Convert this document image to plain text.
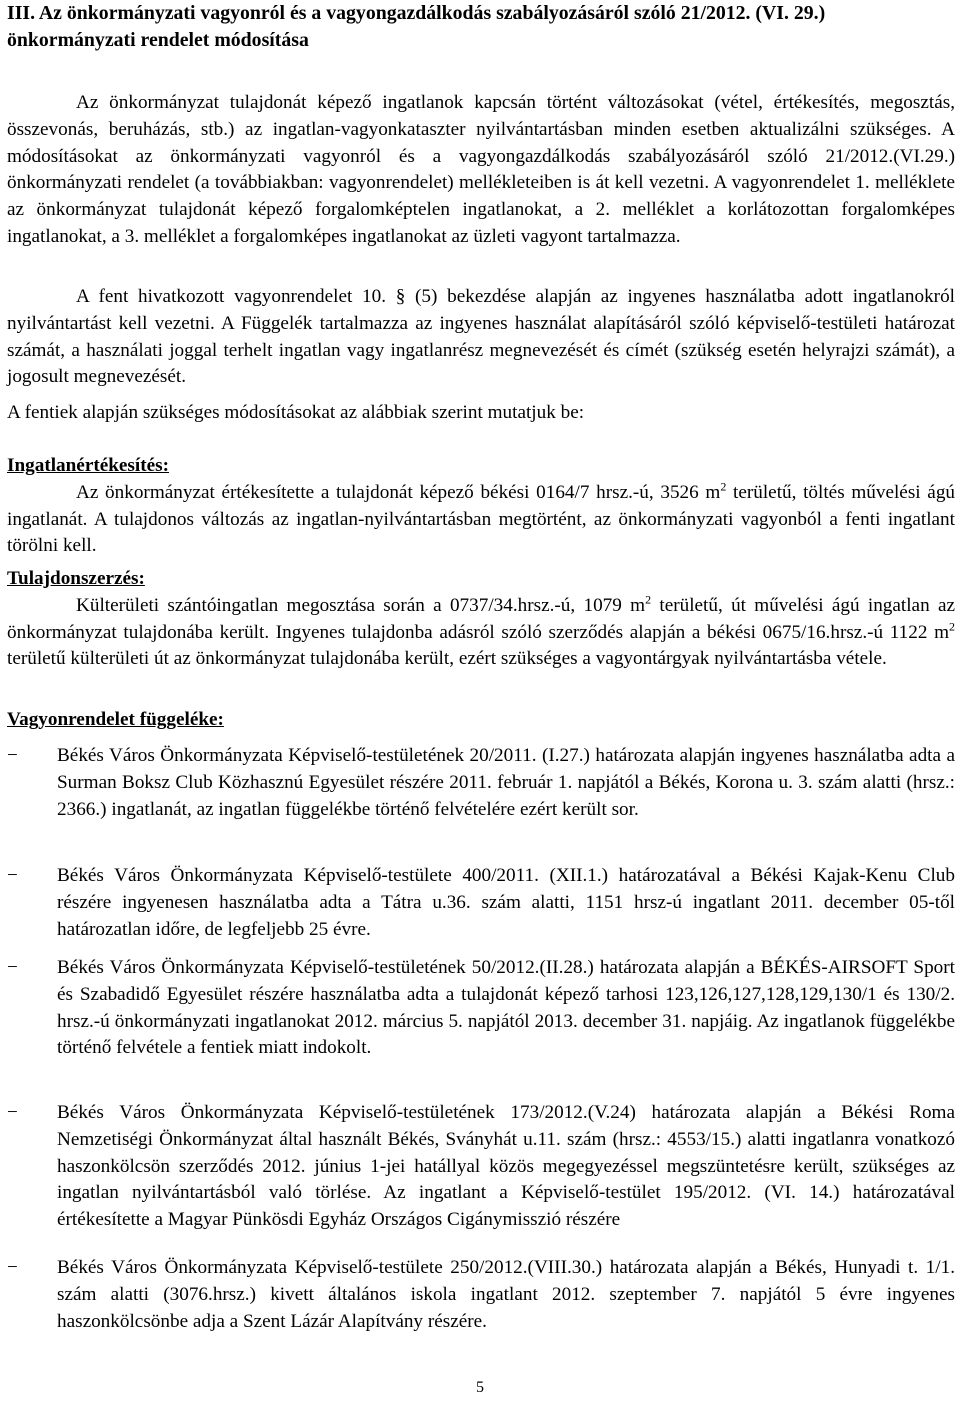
III. Az önkormányzati vagyonról és a vagyongazdálkodás szabályozásáról szóló 21/2012. (VI. 29.)
önkormányzati rendelet módosítása

Az önkormányzat tulajdonát képező ingatlanok kapcsán történt változásokat (vétel, értékesítés, megosztás, összevonás, beruházás, stb.) az ingatlan-vagyonkataszter nyilvántartásban minden esetben aktualizálni szükséges. A módosításokat az önkormányzati vagyonról és a vagyongazdálkodás szabályozásáról szóló 21/2012.(VI.29.) önkormányzati rendelet (a továbbiakban: vagyonrendelet) mellékleteiben is át kell vezetni. A vagyonrendelet 1. melléklete az önkormányzat tulajdonát képező forgalomképtelen ingatlanokat, a 2. melléklet a korlátozottan forgalomképes ingatlanokat, a 3. melléklet a forgalomképes ingatlanokat az üzleti vagyont tartalmazza.

A fent hivatkozott vagyonrendelet 10. § (5) bekezdése alapján az ingyenes használatba adott ingatlanokról nyilvántartást kell vezetni. A Függelék tartalmazza az ingyenes használat alapításáról szóló képviselő-testületi határozat számát, a használati joggal terhelt ingatlan vagy ingatlanrész megnevezését és címét (szükség esetén helyrajzi számát), a jogosult megnevezését.

A fentiek alapján szükséges módosításokat az alábbiak szerint mutatjuk be:

Ingatlanértékesítés:

Az önkormányzat értékesítette a tulajdonát képező békési 0164/7 hrsz.-ú, 3526 $m^2$ területű, töltés művelési ágú ingatlanát. A tulajdonos változás az ingatlan-nyilvántartásban megtörtént, az önkormányzati vagyonból a fenti ingatlant törölni kell.

Tulajdonszerzés:

Külterületi szántóingatlan megosztása során a 0737/34.hrsz.-ú, 1079 $m^2$ területű, út művelési ágú ingatlan az önkormányzat tulajdonába került. Ingyenes tulajdonba adásról szóló szerződés alapján a békési 0675/16.hrsz.-ú 1122 $m^2$ területű külterületi út az önkormányzat tulajdonába került, ezért szükséges a vagyontárgyak nyilvántartásba vétele.

Vagyonrendelet függeléke:
− Békés Város Önkormányzata Képviselő-testületének 20/2011. (I.27.) határozata alapján ingyenes használatba adta a Surman Boksz Club Közhasznú Egyesület részére 2011. február 1. napjától a Békés, Korona u. 3. szám alatti (hrsz.: 2366.) ingatlanát, az ingatlan függelékbe történő felvételére ezért került sor.
− Békés Város Önkormányzata Képviselő-testülete 400/2011. (XII.1.) határozatával a Békési Kajak-Kenu Club részére ingyenesen használatba adta a Tátra u.36. szám alatti, 1151 hrsz-ú ingatlant 2011. december 05-től határozatlan időre, de legfeljebb 25 évre.
− Békés Város Önkormányzata Képviselő-testületének 50/2012.(II.28.) határozata alapján a BÉKÉS-AIRSOFT Sport és Szabadidő Egyesület részére használatba adta a tulajdonát képező tarhosi 123,126,127,128,129,130/1 és 130/2. hrsz.-ú önkormányzati ingatlanokat 2012. március 5. napjától 2013. december 31. napjáig. Az ingatlanok függelékbe történő felvétele a fentiek miatt indokolt.
− Békés Város Önkormányzata Képviselő-testületének 173/2012.(V.24) határozata alapján a Békési Roma Nemzetiségi Önkormányzat által használt Békés, Sványhát u.11. szám (hrsz.: 4553/15.) alatti ingatlanra vonatkozó haszonkölcsön szerződés 2012. június 1-jei hatállyal közös megegyezéssel megszüntetésre került, szükséges az ingatlan nyilvántartásból való törlése. Az ingatlant a Képviselő-testület 195/2012. (VI. 14.) határozatával értékesítette a Magyar Pünkösdi Egyház Országos Cigánymisszió részére
− Békés Város Önkormányzata Képviselő-testülete 250/2012.(VIII.30.) határozata alapján a Békés, Hunyadi t. 1/1. szám alatti (3076.hrsz.) kivett általános iskola ingatlant 2012. szeptember 7. napjától 5 évre ingyenes haszonkölcsönbe adja a Szent Lázár Alapítvány részére.
5
